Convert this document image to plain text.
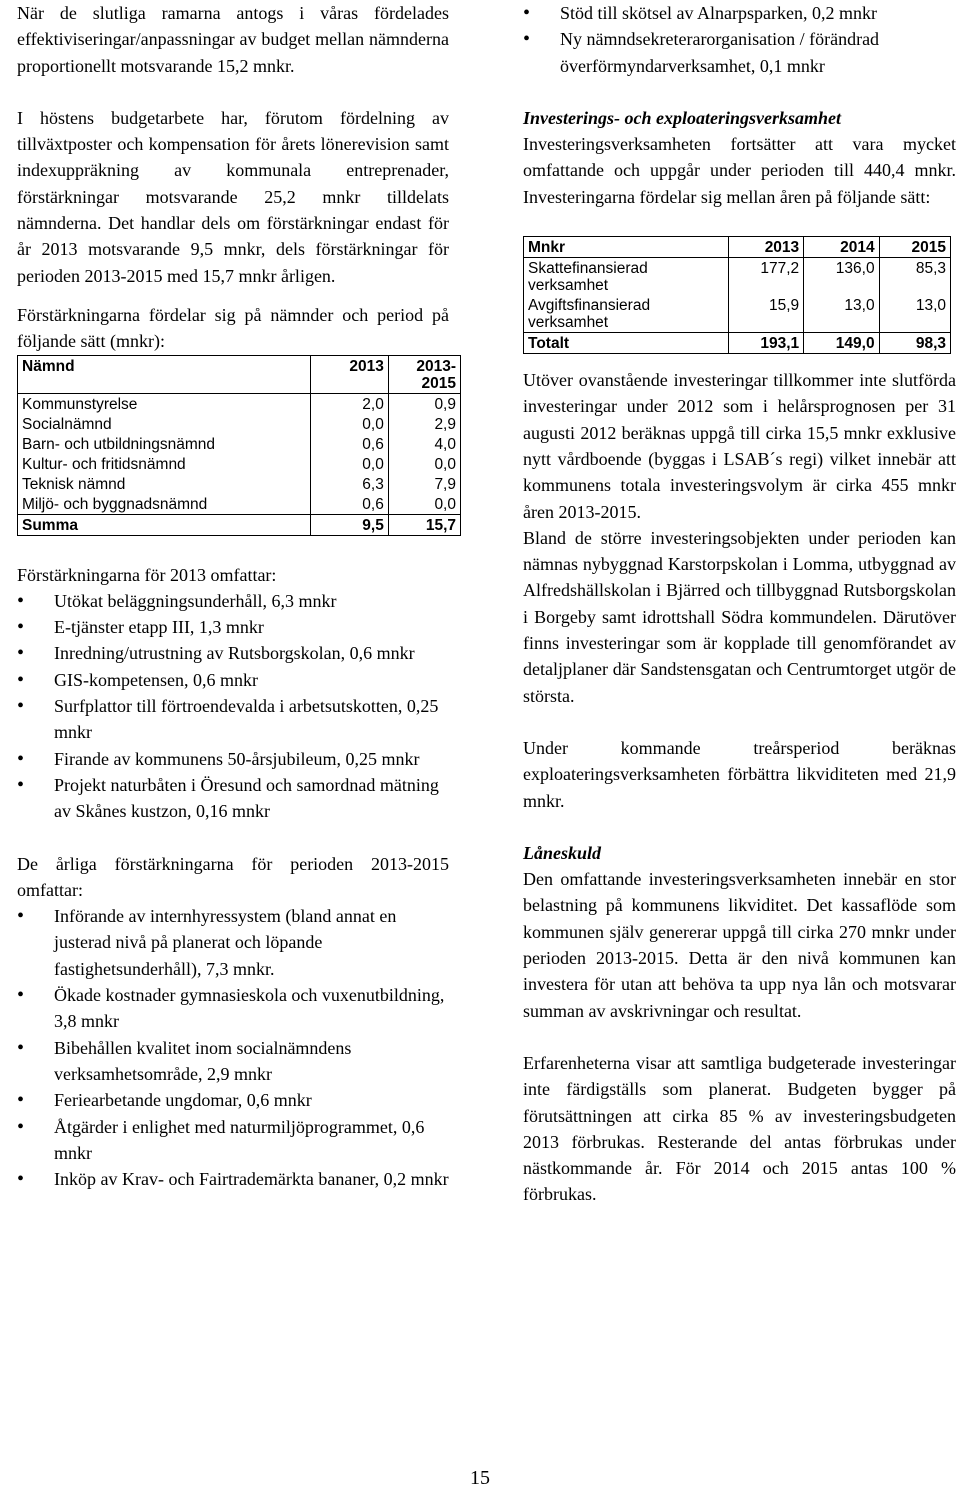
När de slutliga ramarna antogs i våras fördelades effektiviseringar/anpassningar av budget mellan nämnderna proportionellt motsvarande 15,2 mnkr.

I höstens budgetarbete har, förutom fördelning av tillväxtposter och kompensation för årets lönerevision samt indexuppräkning av kommunala entreprenader, förstärkningar motsvarande 25,2 mnkr tilldelats nämnderna. Det handlar dels om förstärkningar endast för år 2013 motsvarande 9,5 mnkr, dels förstärkningar för perioden 2013-2015 med 15,7 mnkr årligen.

Förstärkningarna fördelar sig på nämnder och period på följande sätt (mnkr):

Nämnd	2013	2013-2015
Kommunstyrelse	2,0	0,9
Socialnämnd	0,0	2,9
Barn- och utbildningsnämnd	0,6	4,0
Kultur- och fritidsnämnd	0,0	0,0
Teknisk nämnd	6,3	7,9
Miljö- och byggnadsnämnd	0,6	0,0
Summa	9,5	15,7

Förstärkningarna för 2013 omfattar:

• Utökat beläggningsunderhåll, 6,3 mnkr
• E-tjänster etapp III, 1,3 mnkr
• Inredning/utrustning av Rutsborgskolan, 0,6 mnkr
• GIS-kompetensen, 0,6 mnkr
• Surfplattor till förtroendevalda i arbetsutskotten, 0,25 mnkr
• Firande av kommunens 50-årsjubileum, 0,25 mnkr
• Projekt naturbåten i Öresund och samordnad mätning av Skånes kustzon, 0,16 mnkr

De årliga förstärkningarna för perioden 2013-2015 omfattar:

• Införande av internhyressystem (bland annat en justerad nivå på planerat och löpande fastighetsunderhåll), 7,3 mnkr.
• Ökade kostnader gymnasieskola och vuxenutbildning, 3,8 mnkr
• Bibehållen kvalitet inom socialnämndens verksamhetsområde, 2,9 mnkr
• Feriearbetande ungdomar, 0,6 mnkr
• Åtgärder i enlighet med naturmiljöprogrammet, 0,6 mnkr
• Inköp av Krav- och Fairtrademärkta bananer, 0,2 mnkr
• Stöd till skötsel av Alnarpsparken, 0,2 mnkr
• Ny nämndsekreterarorganisation / förändrad överförmyndarverksamhet, 0,1 mnkr

Investerings- och exploateringsverksamhet

Investeringsverksamheten fortsätter att vara mycket omfattande och uppgår under perioden till 440,4 mnkr. Investeringarna fördelar sig mellan åren på följande sätt:

Mnkr	2013	2014	2015
Skattefinansierad verksamhet	177,2	136,0	85,3
Avgiftsfinansierad verksamhet	15,9	13,0	13,0
Totalt	193,1	149,0	98,3

Utöver ovanstående investeringar tillkommer inte slutförda investeringar under 2012 som i helårsprognosen per 31 augusti 2012 beräknas uppgå till cirka 15,5 mnkr exklusive nytt vårdboende (byggas i LSAB´s regi) vilket innebär att kommunens totala investeringsvolym är cirka 455 mnkr åren 2013-2015.

Bland de större investeringsobjekten under perioden kan nämnas nybyggnad Karstorpskolan i Lomma, utbyggnad av Alfredshällskolan i Bjärred och tillbyggnad Rutsborgskolan i Borgeby samt idrottshall Södra kommundelen. Därutöver finns investeringar som är kopplade till genomförandet av detaljplaner där Sandstensgatan och Centrumtorget utgör de största.

Under kommande treårsperiod beräknas exploateringsverksamheten förbättra likviditeten med 21,9 mnkr.

Låneskuld

Den omfattande investeringsverksamheten innebär en stor belastning på kommunens likviditet. Det kassaflöde som kommunen själv genererar uppgå till cirka 270 mnkr under perioden 2013-2015. Detta är den nivå kommunen kan investera för utan att behöva ta upp nya lån och motsvarar summan av avskrivningar och resultat.

Erfarenheterna visar att samtliga budgeterade investeringar inte färdigställs som planerat. Budgeten bygger på förutsättningen att cirka 85 % av investeringsbudgeten 2013 förbrukas. Resterande del antas förbrukas under nästkommande år. För 2014 och 2015 antas 100 % förbrukas.

15
